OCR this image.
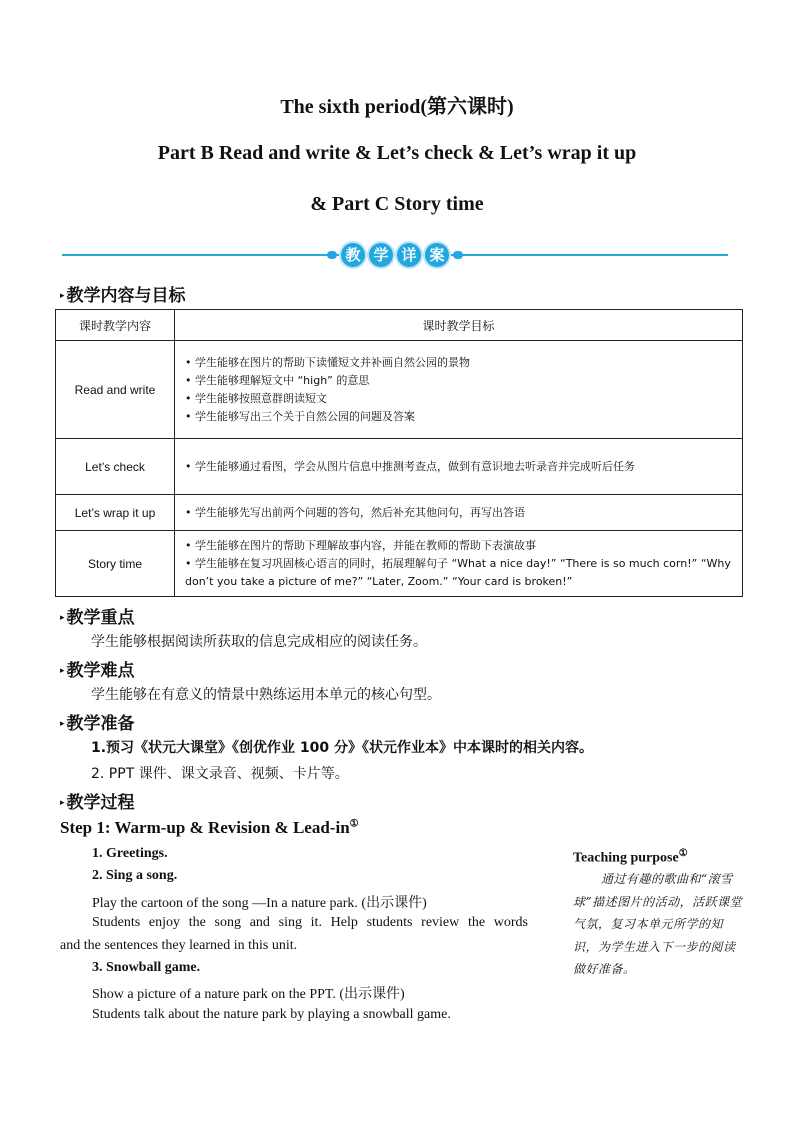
The sixth period(第六课时)
Part B Read and write & Let’s check & Let’s wrap it up
& Part C Story time
教 学 详 案
▸ 教学内容与目标
课时教学内容	课时教学目标
Read and write	• 学生能够在图片的帮助下读懂短文并补画自然公园的景物
• 学生能够理解短文中 “high” 的意思
• 学生能够按照意群朗读短文
• 学生能够写出三个关于自然公园的问题及答案

Let’s check	• 学生能够通过看图，学会从图片信息中推测考查点，做到有意识地去听录音并完成听后任务

Let’s wrap it up	• 学生能够先写出前两个问题的答句，然后补充其他问句，再写出答语

Story time	• 学生能够在图片的帮助下理解故事内容，并能在教师的帮助下表演故事
• 学生能够在复习巩固核心语言的同时，拓展理解句子 “What a nice day!” “There is so much corn!” “Why don’t you take a picture of me?” “Later, Zoom.” “Your card is broken!”
▸ 教学重点
学生能够根据阅读所获取的信息完成相应的阅读任务。
▸ 教学难点
学生能够在有意义的情景中熟练运用本单元的核心句型。
▸ 教学准备
1.预习《状元大课堂》《创优作业 100 分》《状元作业本》中本课时的相关内容。
2. PPT 课件、课文录音、视频、卡片等。
▸ 教学过程
Step 1: Warm-up & Revision & Lead-in①
1. Greetings.
2. Sing a song.
Play the cartoon of the song —In a nature park. (出示课件)
Students enjoy the song and sing it. Help students review the words
and the sentences they learned in this unit.
3. Snowball game.
Show a picture of a nature park on the PPT. (出示课件)
Students talk about the nature park by playing a snowball game.
Teaching purpose①
通过有趣的歌曲和“滚雪球”描述图片的活动，活跃课堂气氛，复习本单元所学的知识，为学生进入下一步的阅读做好准备。
